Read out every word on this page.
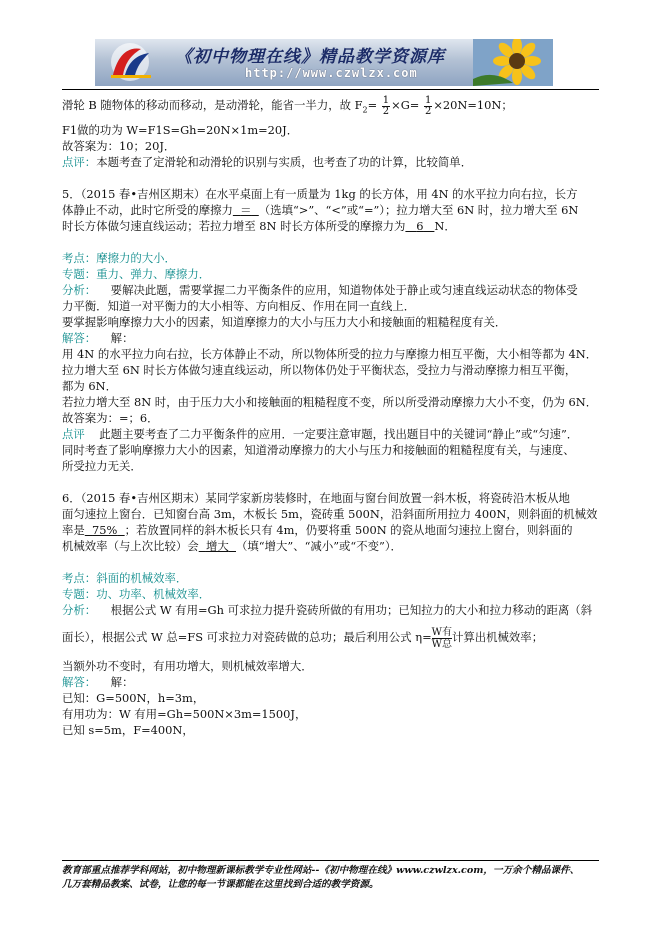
《初中物理在线》精品教学资源库
http://www.czwlzx.com
滑轮 B 随物体的移动而移动，是动滑轮，能省一半力，故 $F_2= \frac{1}{2} \times G= \frac{1}{2} \times 20N=10N$；
F1做的功为 W=F1S=Gh=20N×1m=20J．
故答案为：10；20J．
点评：本题考查了定滑轮和动滑轮的识别与实质，也考查了功的计算，比较简单．
5．（2015 春•吉州区期末）在水平桌面上有一质量为 1kg 的长方体，用 4N 的水平拉力向右拉，长方
体静止不动，此时它所受的摩擦力 ＝ （选填“>”、“<”或“=”）；拉力增大至 6N 时，拉力增大至 6N
时长方体做匀速直线运动；若拉力增至 8N 时长方体所受的摩擦力为 6 N．
考点：摩擦力的大小．
专题：重力、弹力、摩擦力．
分析： 要解决此题，需要掌握二力平衡条件的应用，知道物体处于静止或匀速直线运动状态的物体受
力平衡．知道一对平衡力的大小相等、方向相反、作用在同一直线上．
要掌握影响摩擦力大小的因素，知道摩擦力的大小与压力大小和接触面的粗糙程度有关．
解答： 解：
用 4N 的水平拉力向右拉，长方体静止不动，所以物体所受的拉力与摩擦力相互平衡，大小相等都为 4N．
拉力增大至 6N 时长方体做匀速直线运动，所以物体仍处于平衡状态，受拉力与滑动摩擦力相互平衡，
都为 6N．
若拉力增大至 8N 时，由于压力大小和接触面的粗糙程度不变，所以所受滑动摩擦力大小不变，仍为 6N．
故答案为：=；6．
点评 此题主要考查了二力平衡条件的应用．一定要注意审题，找出题目中的关键词“静止”或“匀速”．
同时考查了影响摩擦力大小的因素，知道滑动摩擦力的大小与压力和接触面的粗糙程度有关，与速度、
所受拉力无关．
6．（2015 春•吉州区期末）某同学家新房装修时，在地面与窗台间放置一斜木板，将瓷砖沿木板从地
面匀速拉上窗台．已知窗台高 3m，木板长 5m，瓷砖重 500N，沿斜面所用拉力 400N，则斜面的机械效
率是 75% ；若放置同样的斜木板长只有 4m，仍要将重 500N 的瓷从地面匀速拉上窗台，则斜面的
机械效率（与上次比较）会 增大 （填“增大”、“减小”或“不变”）．
考点：斜面的机械效率．
专题：功、功率、机械效率．
分析： 根据公式 W 有用=Gh 可求拉力提升瓷砖所做的有用功；已知拉力的大小和拉力移动的距离（斜
面长），根据公式 W 总=FS 可求拉力对瓷砖做的总功；最后利用公式 η= W有
W总 计算出机械效率；
当额外功不变时，有用功增大，则机械效率增大．
解答： 解：
已知：G=500N，h=3m，
有用功为：W 有用=Gh=500N×3m=1500J，
已知 s=5m，F=400N，
教育部重点推荐学科网站，初中物理新课标教学专业性网站--《初中物理在线》www.czwlzx.com，一万余个精品课件、
几万套精品教案、试卷，让您的每一节课都能在这里找到合适的教学资源。
